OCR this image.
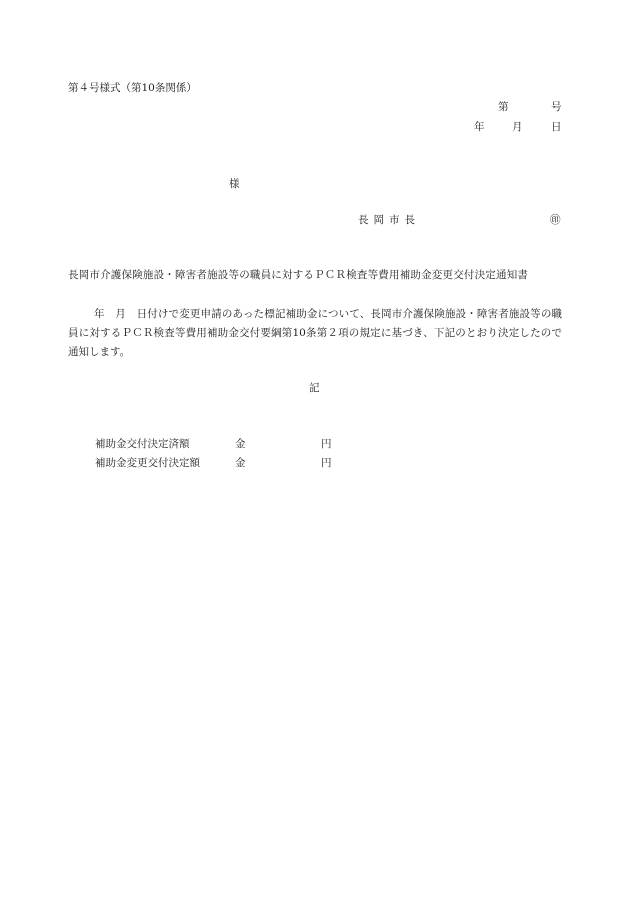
第４号様式（第10条関係）
第	号
年	月	日
様
長岡市長	㊞
長岡市介護保険施設・障害者施設等の職員に対するＰＣＲ検査等費用補助金変更交付決定通知書
年　月　日付けで変更申請のあった標記補助金について、長岡市介護保険施設・障害者施設等の職員に対するＰＣＲ検査等費用補助金交付要綱第10条第２項の規定に基づき、下記のとおり決定したので通知します。
記
補助金交付決定済額	金	円
補助金変更交付決定額	金	円
